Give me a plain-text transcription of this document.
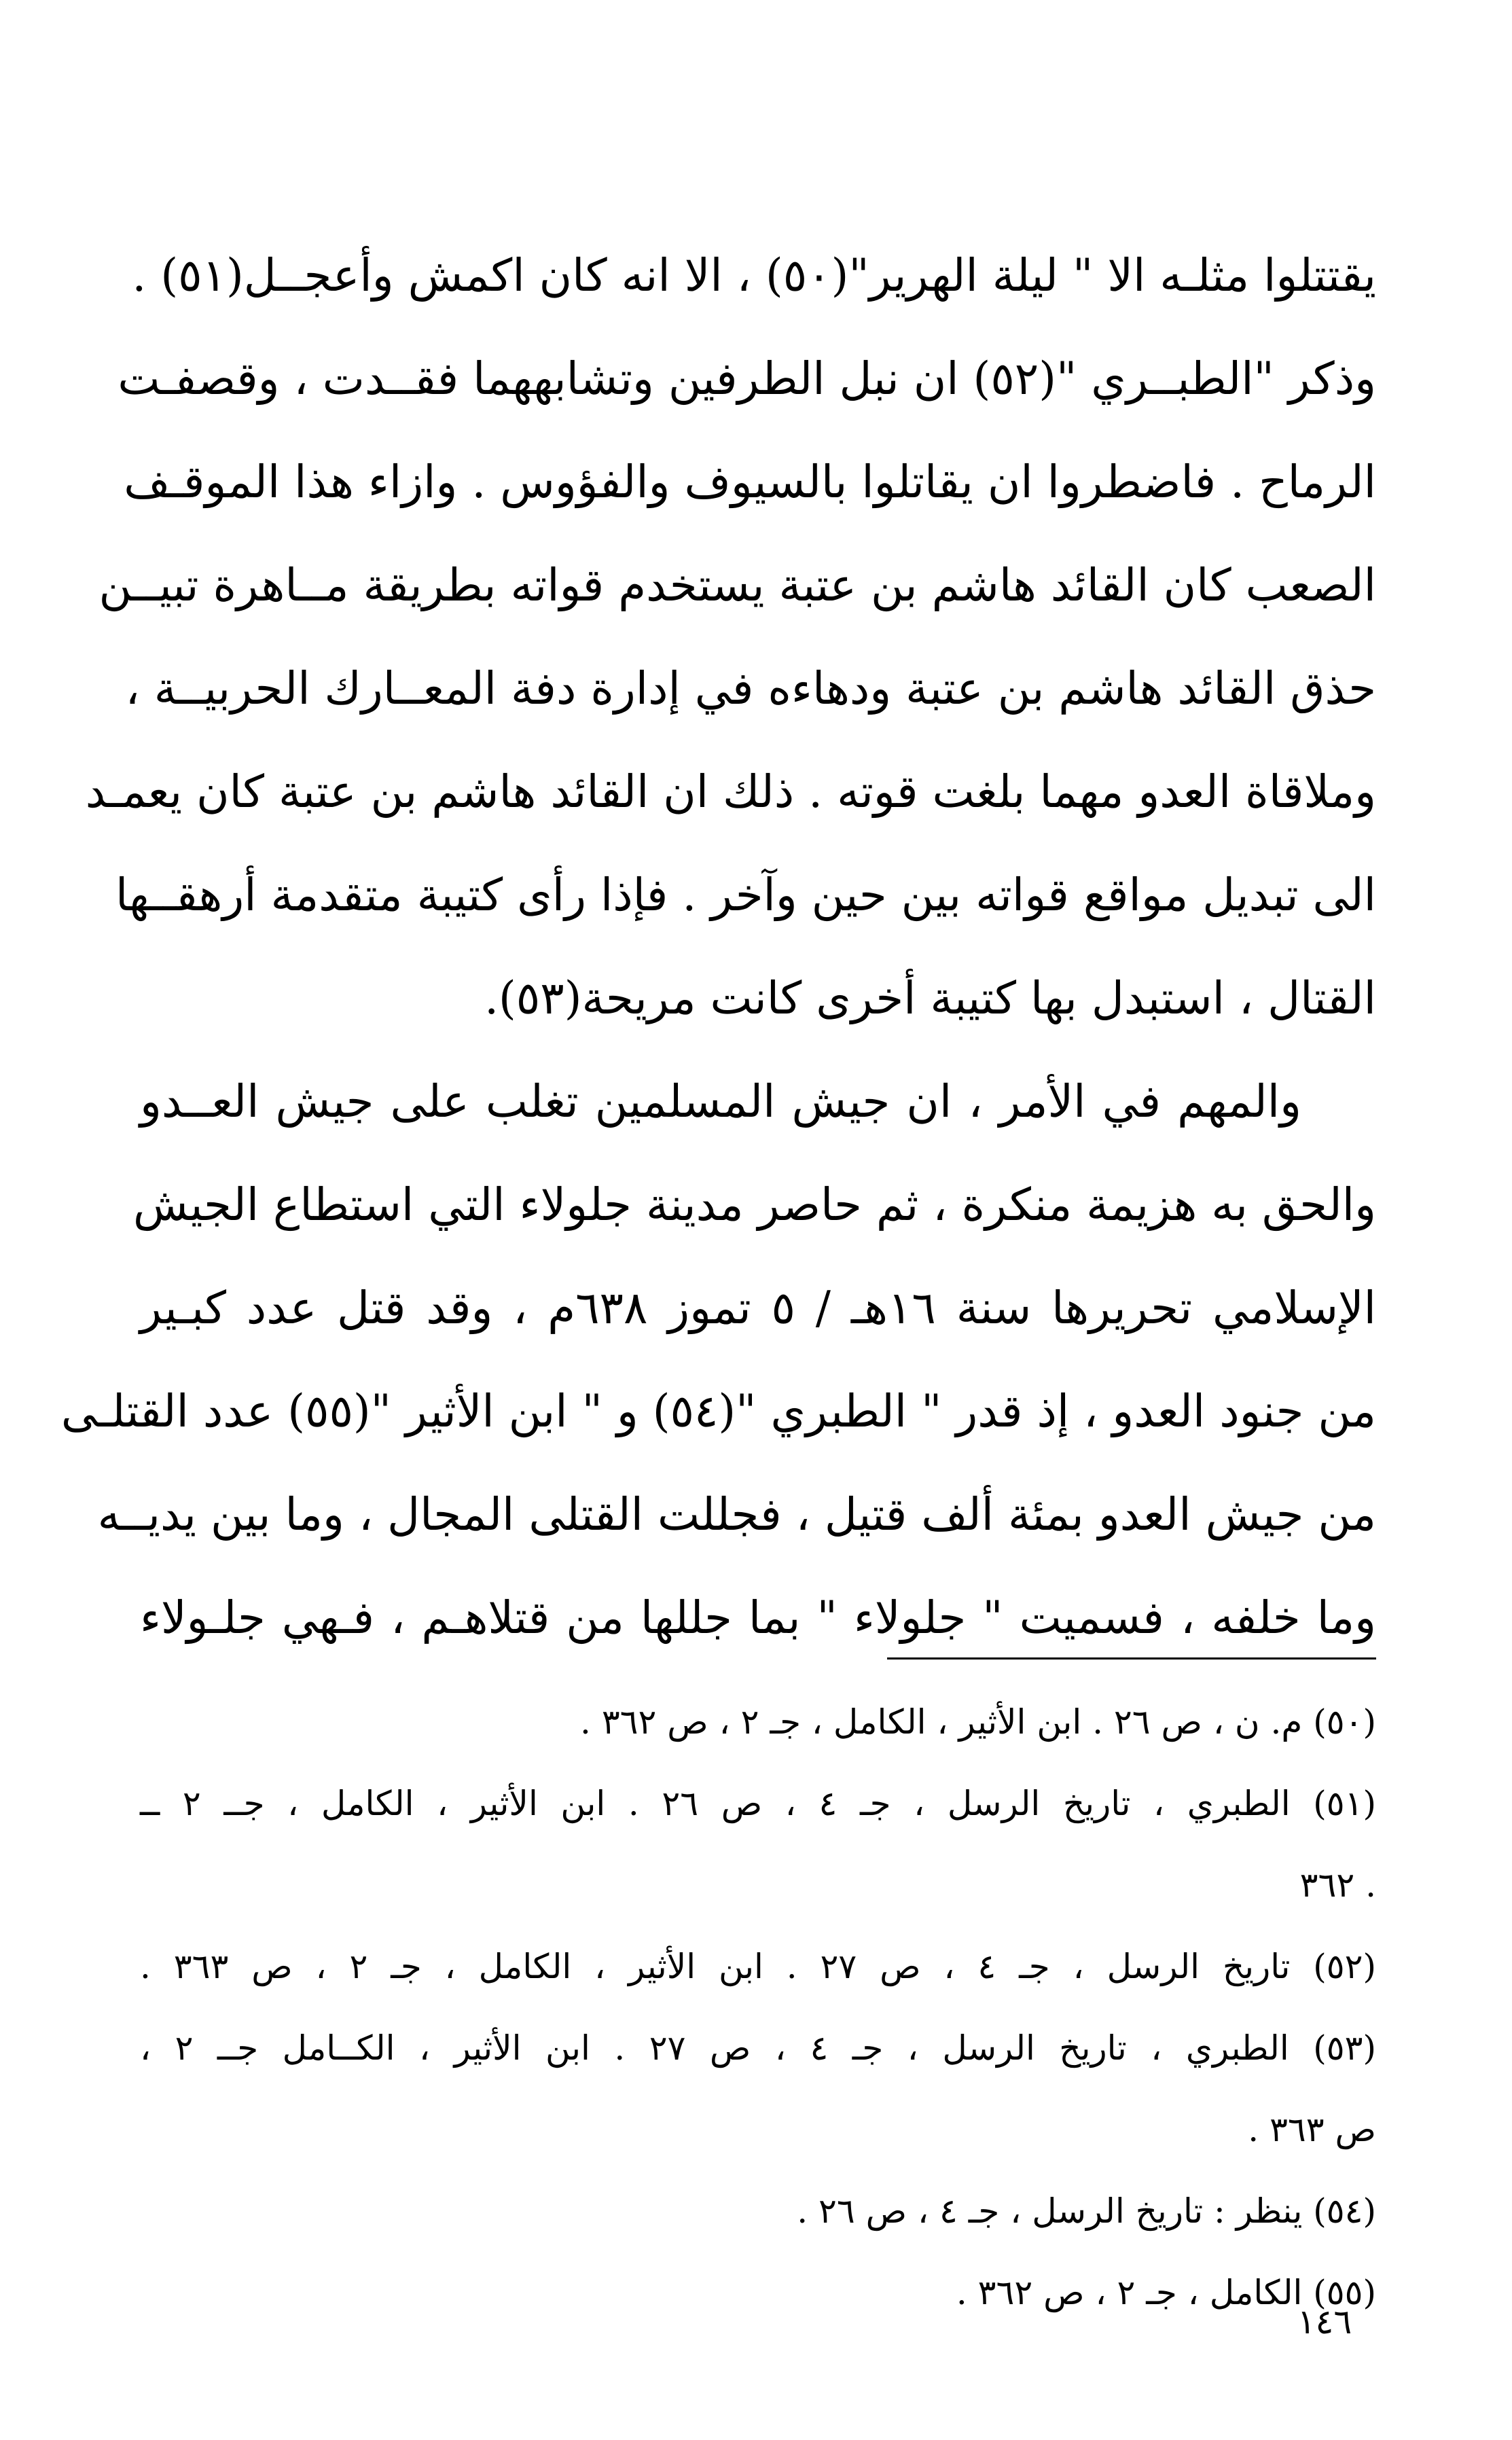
يقتتلوا مثلـه الا " ليلة الهرير"(٥٠) ، الا انه كان اكمش وأعجــل(٥١) .
وذكر "الطبــري "(٥٢) ان نبل الطرفين وتشابههما فقــدت ، وقصفـت
الرماح . فاضطروا ان يقاتلوا بالسيوف والفؤوس . وازاء هذا الموقـف
الصعب كان القائد هاشم بن عتبة يستخدم قواته بطريقة مــاهرة تبيــن
حذق القائد هاشم بن عتبة ودهاءه في إدارة دفة المعــارك الحربيــة ،
وملاقاة العدو مهما بلغت قوته . ذلك ان القائد هاشم بن عتبة كان يعمـد
الى تبديل مواقع قواته بين حين وآخر . فإذا رأى كتيبة متقدمة أرهقــها
القتال ، استبدل بها كتيبة أخرى كانت مريحة(٥٣).
والمهم في الأمر ، ان جيش المسلمين تغلب على جيش العــدو
والحق به هزيمة منكرة ، ثم حاصر مدينة جلولاء التي استطاع الجيش
الإسلامي تحريرها سنة ١٦هـ / ٥ تموز ٦٣٨م ، وقد قتل عدد كبـير
من جنود العدو ، إذ قدر " الطبري "(٥٤) و " ابن الأثير "(٥٥) عدد القتلـى
من جيش العدو بمئة ألف قتيل ، فجللت القتلى المجال ، وما بين يديــه
وما خلفه ، فسميت " جلولاء " بما جللها من قتلاهـم ، فـهي جلـولاء
(٥٠) م. ن ، ص ٢٦ . ابن الأثير ، الكامل ، جـ ٢ ، ص ٣٦٢ .
(٥١) الطبري ، تاريخ الرسل ، جـ ٤ ، ص ٢٦ . ابن الأثير ، الكامل ، جــ ٢ ــ
. ٣٦٢
(٥٢) تاريخ الرسل ، جـ ٤ ، ص ٢٧ . ابن الأثير ، الكامل ، جـ ٢ ، ص ٣٦٣ .
(٥٣) الطبري ، تاريخ الرسل ، جـ ٤ ، ص ٢٧ . ابن الأثير ، الكــامل جــ ٢ ،
ص ٣٦٣ .
(٥٤) ينظر : تاريخ الرسل ، جـ ٤ ، ص ٢٦ .
(٥٥) الكامل ، جـ ٢ ، ص ٣٦٢ .
١٤٦
